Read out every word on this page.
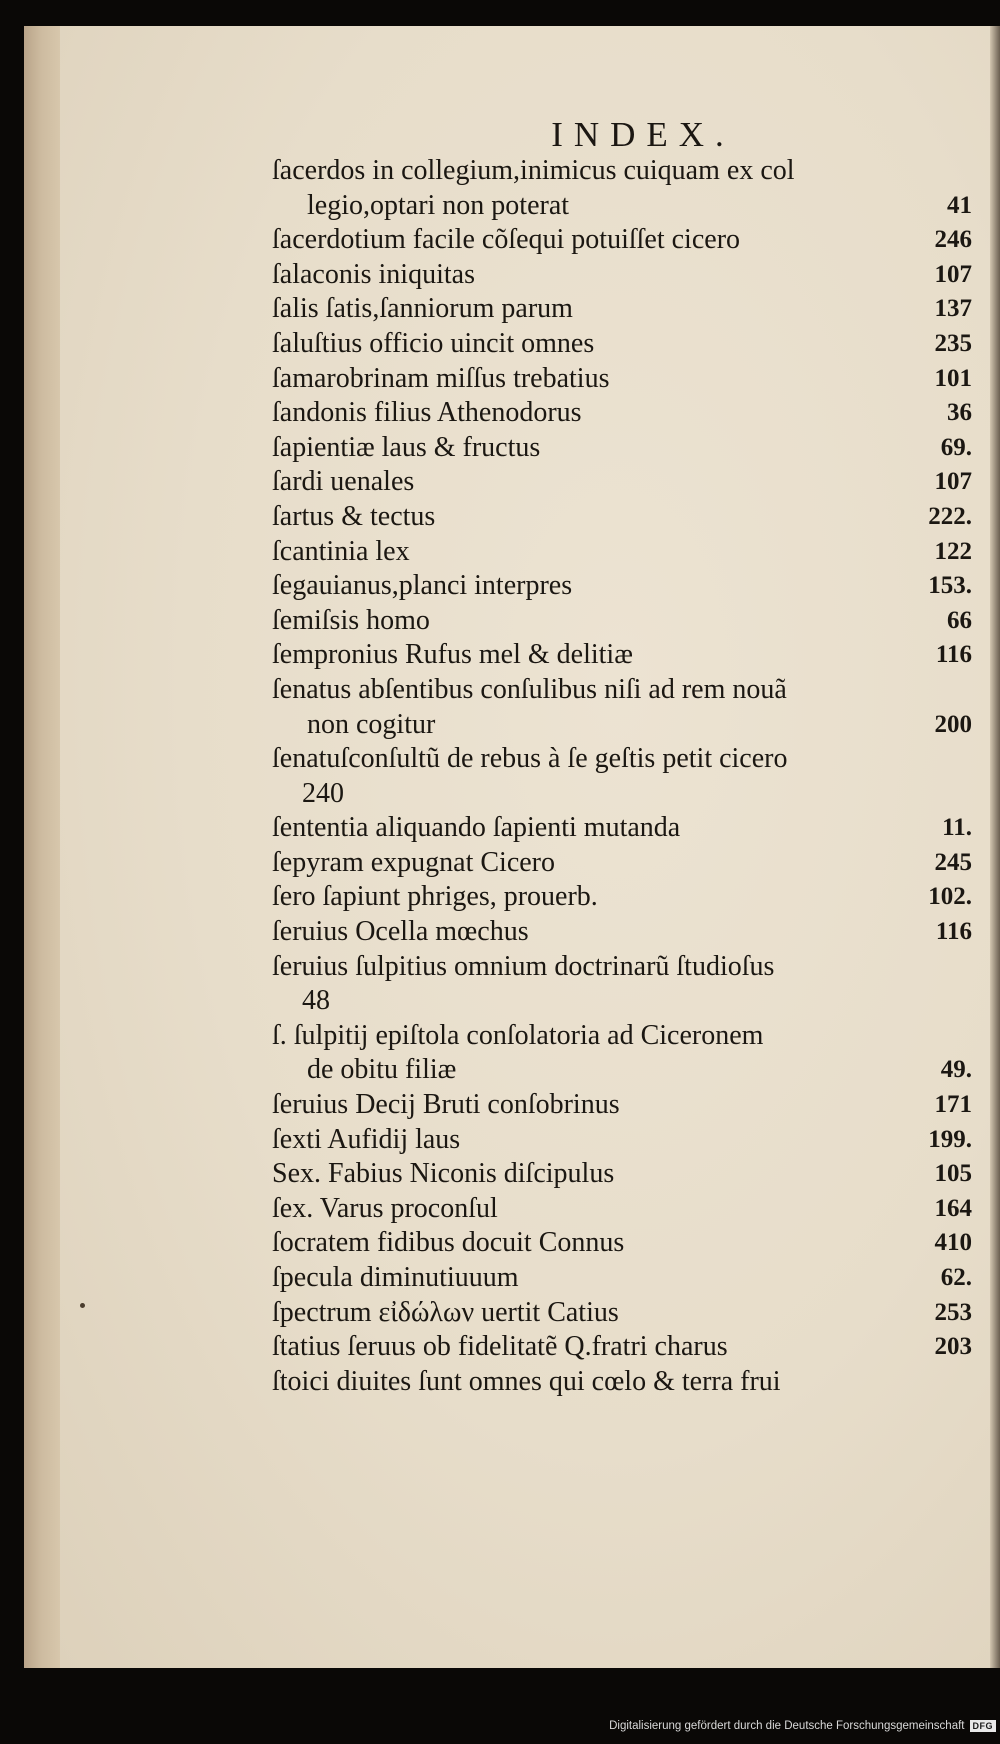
INDEX.
ſacerdos in collegium,inimicus cuiquam ex col
legio,optari non poterat	41
ſacerdotium facile cõſequi potuiſſet cicero	246
ſalaconis iniquitas	107
ſalis ſatis,ſanniorum parum	137
ſaluſtius officio uincit omnes	235
ſamarobrinam miſſus trebatius	101
ſandonis filius Athenodorus	36
ſapientiæ laus & fructus	69.
ſardi uenales	107
ſartus & tectus	222.
ſcantinia lex	122
ſegauianus,planci interpres	153.
ſemiſsis homo	66
ſempronius Rufus mel & delitiæ	116
ſenatus abſentibus conſulibus niſi ad rem nouã
non cogitur	200
ſenatuſconſultũ de rebus à ſe geſtis petit cicero
240
ſententia aliquando ſapienti mutanda	11.
ſepyram expugnat Cicero	245
ſero ſapiunt phriges, prouerb.	102.
ſeruius Ocella mœchus	116
ſeruius ſulpitius omnium doctrinarũ ſtudioſus
48
ſ. ſulpitij epiſtola conſolatoria ad Ciceronem
de obitu filiæ	49.
ſeruius Decij Bruti conſobrinus	171
ſexti Aufidij laus	199.
Sex. Fabius Niconis diſcipulus	105
ſex. Varus proconſul	164
ſocratem fidibus docuit Connus	410
ſpecula diminutiuuum	62.
ſpectrum εἰδώλων uertit Catius	253
ſtatius ſeruus ob fidelitatẽ Q.fratri charus	203
ſtoici diuites ſunt omnes qui cœlo & terra frui
Digitalisierung gefördert durch die Deutsche Forschungsgemeinschaft DFG
